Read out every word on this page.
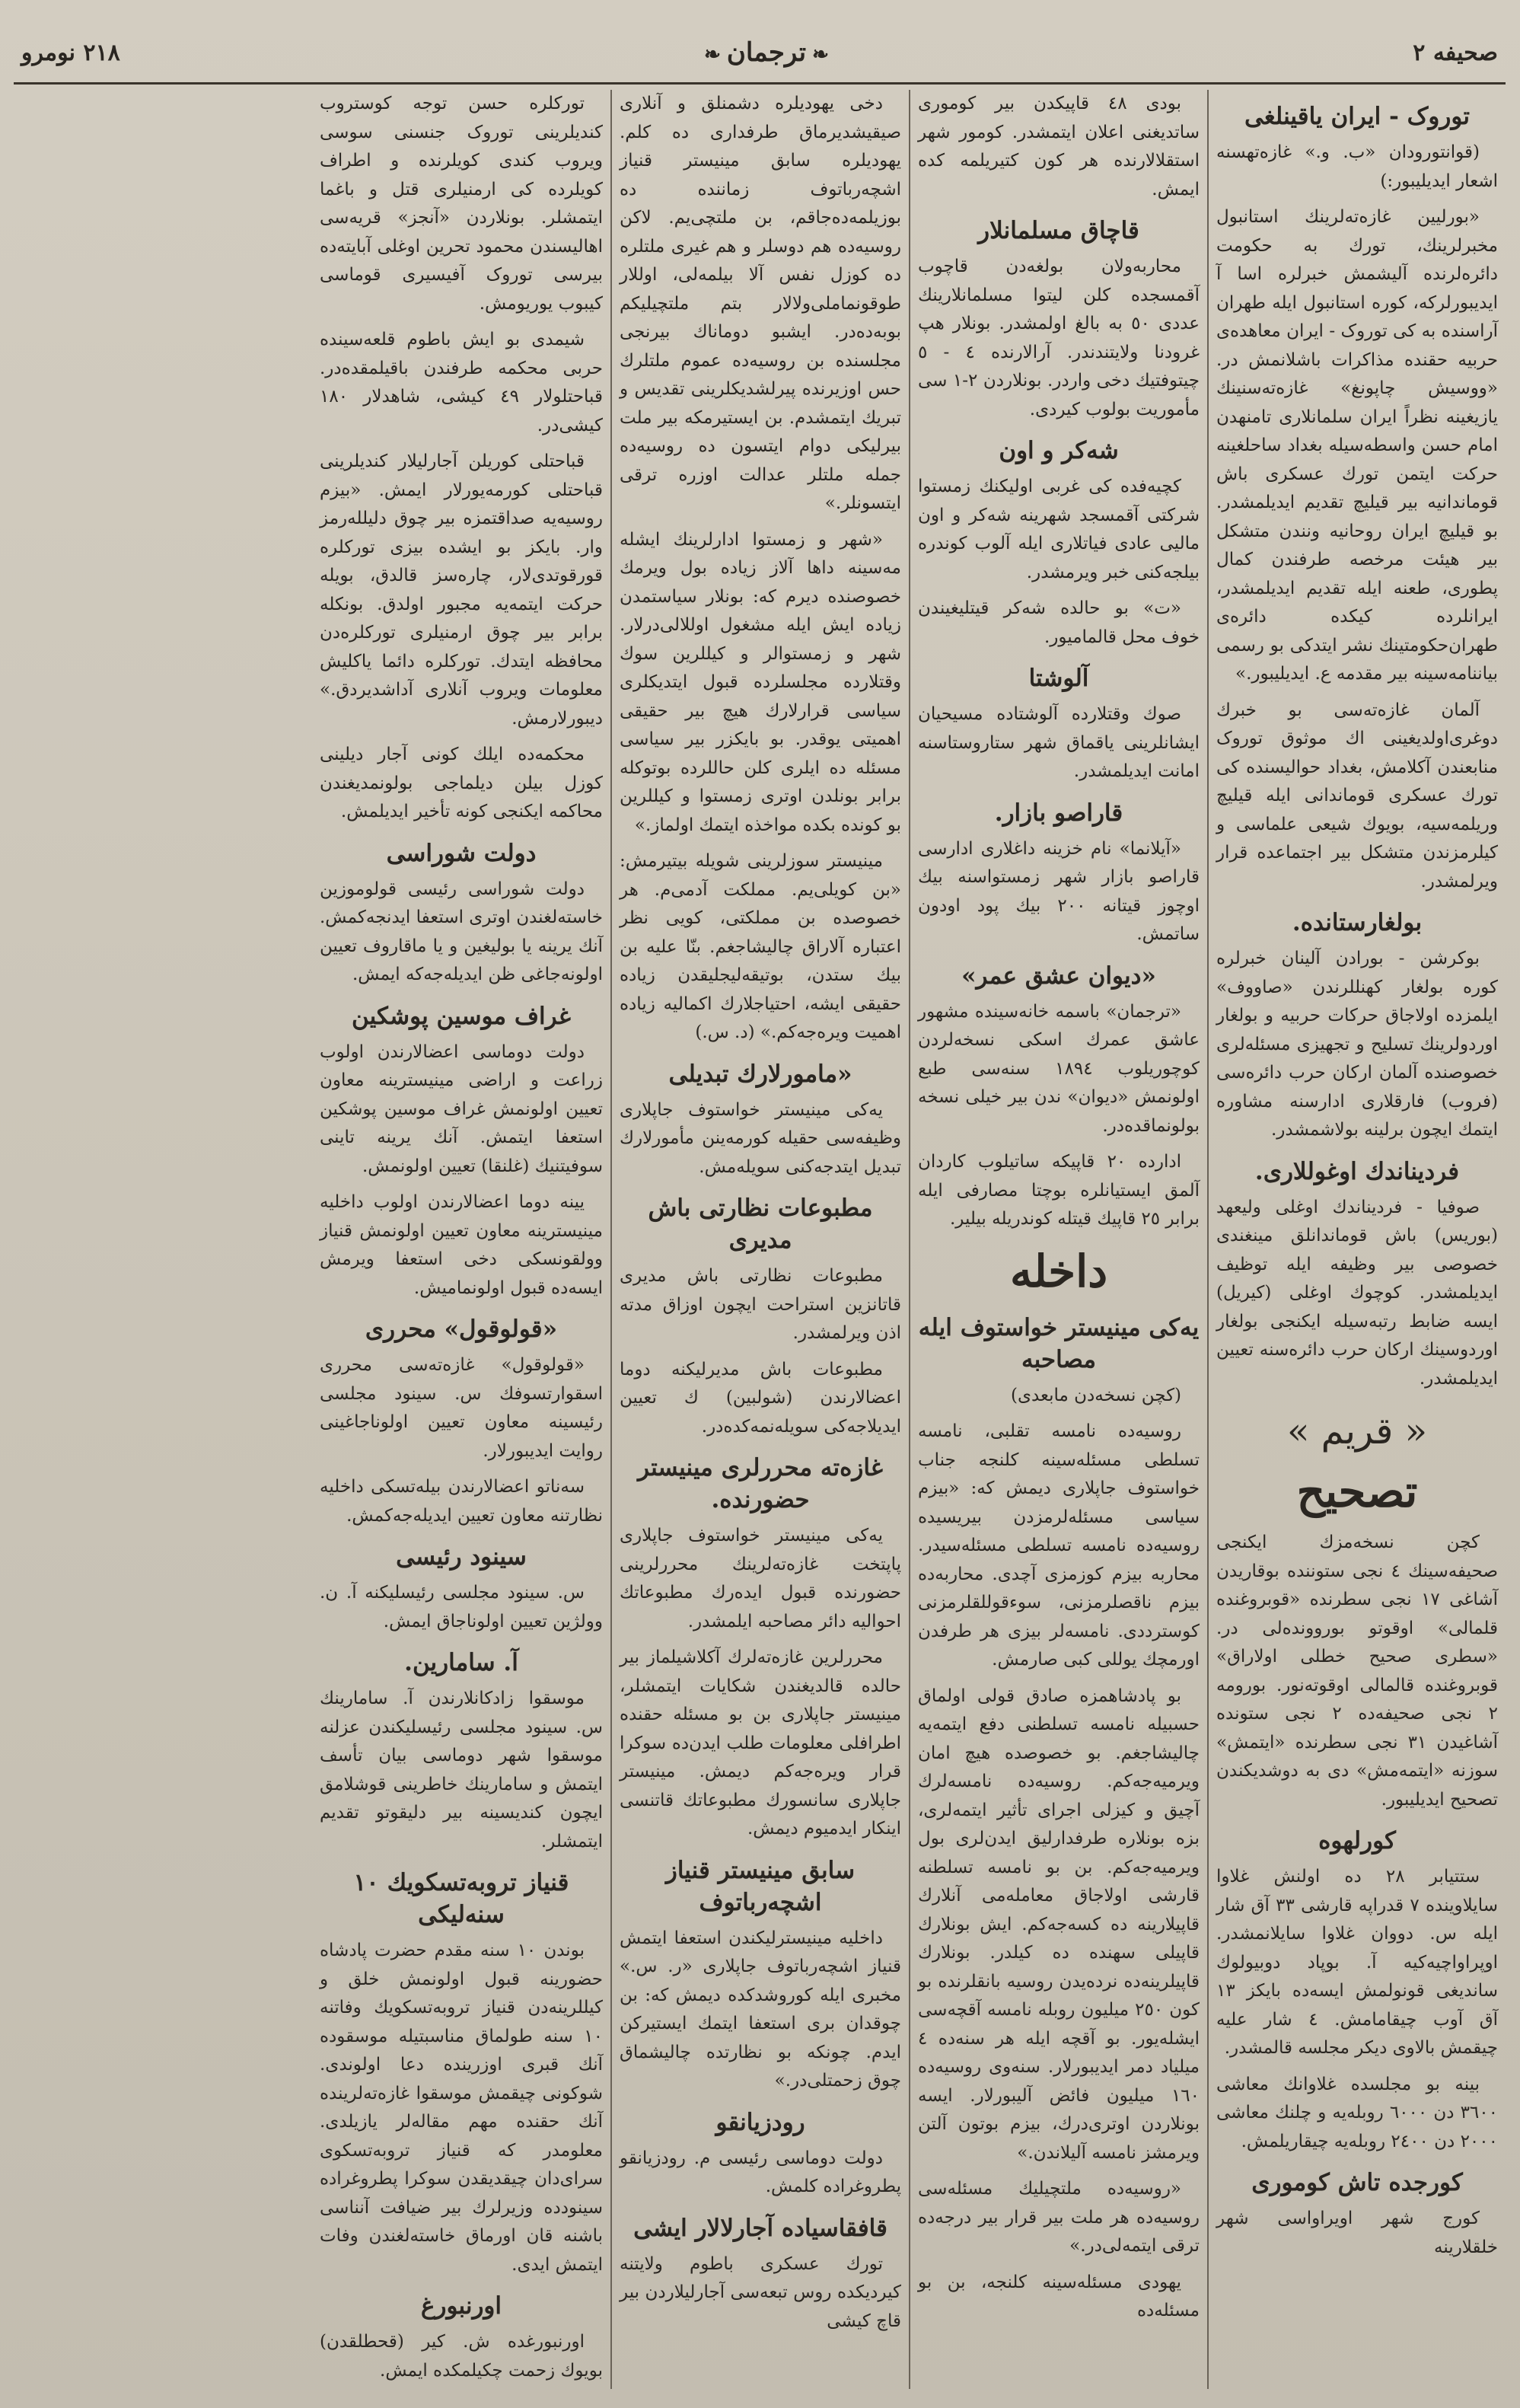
صحيفه ٢
❧ ترجمان ❧
٢١٨ نومرو
توروک - ايران ياقينلغى

(قوانتورودان «ب. و.» غازه‌تهسنه اشعار ايديليبور:)

«بورليين غازه‌ته‌لرينك استانبول مخبرلرينك، تورك به حكومت دائره‌لرنده آليشمش خبرلره اسا آ ايديبورلركه، كوره استانبول ايله طهران آراسنده به كى توروک - ايران معاهده‌ى حربيه حقنده مذاكرات باشلانمش در. «ووسيش چاپونغ» غازه‌ته‌سنينك يازيغينه نظراً ايران سلمانلارى تامنهدن امام حسن واسطه‌سيله بغداد ساحلغينه حركت ايتمن تورك عسكرى باش قوماندانيه بير قيليچ تقديم ايديلمشدر. بو قيليچ ايران روحانيه ونندن متشكل بير هيئت مرخصه طرفندن كمال پطورى، طعنه ايله تقديم ايديلمشدر، ايرانلرده كيكده دائره‌ى طهران‌حكومتينك نشر ايتدكى بو رسمى بياننامه‌سينه بير مقدمه ع. ايديليبور.»

آلمان غازه‌ته‌سى بو خبرك دوغرى‌اولديغينى اك موثوق توروک منابعندن آكلامش، بغداد حواليسنده كى تورك عسكرى قوماندانى ايله قيليچ وريلمه‌سيه، بويوك شيعى علماسى و كيلرمزندن متشكل بير اجتماعده قرار وير‌لمشدر.

بولغارستانده.

بوكرشن - بورادن آلينان خبرلره كوره بولغار كهنللرندن «صاووف» ايلمزده اولاجاق حركات حربيه و بولغار اوردولرينك تسليح و تجهيزى مسئله‌لرى خصوصنده آلمان اركان حرب دائره‌سى (فروب) فارقلارى ادارسنه مشاوره ايتمك ايچون برلينه بولاشمشدر.

فرديناندك اوغوللارى.

صوفيا - فرديناندك اوغلى وليعهد (بوريس) باش قوماندانلق مينغندى خصوصى بير وظيفه ايله توظيف ايديلمشدر. كوچوك اوغلى (كيريل) ايسه ضابط رتبه‌سيله ايكنجى بولغار اوردوسينك اركان حرب دائره‌سنه تعيين ايديلمشدر.

« قريم »
تصحيح

كچن نسخه‌مزك ايكنجى صحيفه‌سينك ٤ نجى ستوننده بوقاريدن آشاغى ١٧ نجى سطرنده «قوبروغنده قلمالى» اوقوتو بوروونده‌لى در. «سطرى صحيح خطلى اولاراق» قوبروغنده قالمالى اوقوته‌نور. بورومه ٢ نجى صحيفه‌ده ٢ نجى ستونده آشاغيدن ٣١ نجى سطرنده «ايتمش» سوزنه «ايتمه‌مش» دى به دوشديكندن تصحيح ايديليبور.

كورلهوه

ستتيابر ٢٨ ده اولنش غلاوا سايلاوينده ٧ قدراپه قارشى ٣٣ آق شار ايله س. دووان غلاوا سايلانمشدر. اوپراواچيه‌كيه آ. بوپاد دوبيولوك سانديغى قونولمش ايسه‌ده بايكز ١٣ آق آوب چيقامامش. ٤ شار عليه چيقمش بالاوى ديكر مجلسه قالمشدر.

بينه بو مجلسده غلاوانك معاشى ٣٦٠٠ دن ٦٠٠٠ روبله‌يه و چلنك معاشى ٢٠٠٠ دن ٢٤٠٠ روبله‌يه چيقاريلمش.

كورجده تاش كومورى

كورج شهر اويراواسى شهر خلقلارينه

بودى ٤٨ قاپيكدن بير كومورى ساتديغنى اعلان ايتمشدر. كومور شهر استقلالارنده هر كون كتيريلمه كده ايمش.

قاچاق مسلمانلار

محاربه‌ولان بولغه‌دن قاچوب آقمسجده كلن ليتوا مسلمانلارينك عددى ٥٠ به بالغ اولمشدر. بونلار هپ غرودنا ولايتندندر. آرالارنده ٤ - ٥ چيتوفتيك دخى واردر. بونلاردن ٢-١ سى مأموريت بولوب كيردى.

شه‌كر و اون

كچيه‌فده كى غربى اوليكنك زمستوا شركتى آقمسجد شهرينه شه‌كر و اون ماليى عادى فياتلارى ايله آلوب كوندره بيلجه‌كنى خبر ويرمشدر.

«ت» بو حالده شه‌كر قيتليغيندن خوف محل قالماميور.

آلوشتا

صوك وقتلارده آلوشتاده مسيحيان ايشانلرينى ياقماق شهر ستاروستاسنه امانت ايديلمشدر.

قاراصو بازار.

«آيلانما» نام خزينه داغلارى ادارسى قاراصو بازار شهر زمستواسنه بيك اوچوز قيتانه ٢٠٠ بيك پود اودون ساتمش.

«ديوان عشق عمر»

«ترجمان» باسمه خانه‌سينده مشهور عاشق عمرك اسكى نسخه‌لردن كوچوريلوب ١٨٩٤ سنه‌سى طبع اولونمش «ديوان» ندن بير خيلى نسخه بولونماقده‌در.

ادارده ٢٠ قاپيكه ساتيلوب كاردان آلمق ايستيانلره بوچتا مصارفى ايله برابر ٢٥ قاپيك قيتله كوندريله بيلير.

داخله
يه‌كى مينيستر خواستوف ايله مصاحبه

(كچن نسخه‌دن مابعدى)

روسيه‌ده نامسه تقلبى، نامسه تسلطى مسئله‌سينه كلنجه جناب خواستوف جاپلارى ديمش كه: «بيزم سياسى مسئله‌لرمزدن بيريسيده روسيه‌ده نامسه تسلطى مسئله‌سيدر. محاربه بيزم كوزمزى آچدى. محاربه‌ده بيزم ناقصلرمزنى، سوءقوللقلرمزنى كوسترددى. نامسه‌لر بيزى هر طرفدن اورمچك يوللى كبى صارمش.

بو پادشاهمزه صادق قولى اولماق حسبيله نامسه تسلطنى دفع ايتمه‌يه چاليشاجغم. بو خصوصده هيچ امان ويرميه‌جه‌كم. روسيه‌ده نامسه‌لرك آچيق و كيزلى اجراى تأثير ايتمه‌لرى، بزه بونلاره طرفدارليق ايدن‌لرى بول ويرميه‌جه‌كم. بن بو نامسه تسلطنه قارشى اولاجاق معامله‌مى آنلارك قاپيلارينه ده كسه‌جه‌كم. ايش بونلارك قاپيلى سهنده ده كيلدر. بونلارك قاپيلرينه‌ده نرده‌يدن روسيه بانقلرنده بو كون ٢٥٠ ميليون روبله نامسه آقچه‌سى ايشله‌يور. بو آقچه ايله هر سنه‌ده ٤ ميلياد دمر ايديبورلار. سنه‌وى روسيه‌ده ١٦٠ ميليون فائض آليبورلار. ايسه بونلاردن اوترى‌درك، بيزم بوتون آلتن ويرمشز نامسه آليلاندن.»

«روسيه‌ده ملتچيليك مسئله‌سى روسيه‌ده هر ملت بير قرار بير درجه‌ده ترقى ايتمه‌لى‌در.»

يهودى مسئله‌سينه كلنجه، بن بو مسئله‌ده

دخى يهوديلره دشمنلق و آنلارى صيقيشديرماق طرفدارى ده كلم. يهوديلره سابق مينيستر قنياز اشچه‌رباتوف زماننده ده بوزيلمه‌ده‌جاقم، بن ملتچى‌يم. لاكن روسيه‌ده هم دوسلر و هم غيرى ملتلره ده‌ كوزل نفس آلا بيلمه‌لى، اوللار طوقونماملى‌ولالار بتم ملتچيليكم بوبه‌ده‌در. ايشبو دوماناك بيرنجى مجلسنده بن روسيه‌ده عموم ملتلرك حس اوزيرنده پيرلشديكلرينى تقديس و تبريك ايتمشدم. بن ايستيرمكه بير ملت بيرليكى دوام ايتسون ده روسيه‌ده جمله ملتلر عدالت اوزره ترقى ايتسونلر.»

«شهر و زمستوا ادارلرينك ايشله مه‌سينه داها آلاز زياده بول ويرمك خصوصنده ديرم كه: بونلار سياستمدن زياده ايش ايله مشغول اوللالى‌درلار. شهر و زمستوالر و كيللرين سوك وقتلارده مجلسلرده قبول ايتديكلرى سياسى قرارلارك هيچ بير حقيقى اهميتى يوقدر. بو بايكزر بير سياسى مسئله ده ايلرى كلن حاللرده بوتوكله برابر بونلدن اوترى زمستوا و كيللرين بو كونده بكده مواخذه ايتمك اولماز.»

مينيستر سوزلرينى شويله بيتيرمش: «بن كويلى‌يم. مملكت آدمى‌م. هر خصوصده بن مملكتى، كويى نظر اعتباره آلاراق چاليشاجغم. بنّا عليه بن بيك ستدن، بوتيقه‌ليجليقدن زياده حقيقى ايشه، احتياجلارك اكماليه زياده اهميت ويره‌جه‌كم.» (د. س.)

«ما‌مورلارك تبديلى

يه‌كى مينيستر خواستوف جاپلارى وظيفه‌سى حقيله كورمه‌ينن مأمورلارك تبديل ايتدجه‌كنى سويله‌مش.

مطبوعات نظارتى باش مديرى

مطبوعات نظارتى باش مديرى قاتانزين استراحت ايچون اوزاق مدته اذن ويرلمشدر.

مطبوعات باش مديرليكنه دوما اعضالارندن (شولبين) ك تعيين ايديلاجه‌كى سويله‌نمه‌كده‌در.

غازه‌ته محررلرى مينيستر حضورنده.

يه‌كى مينيستر خواستوف جاپلارى پاپتخت غازه‌ته‌لرينك محررلرينى حضورنده قبول ايده‌رك مطبوعاتك احواليه دائر مصاحبه ايلمشدر.

محررلرين غازه‌ته‌لرك آكلاشيلماز بير حالده قالديغندن شكايات ايتمشلر، مينيستر جاپلارى بن بو مسئله حقنده اطرافلى معلومات طلب ايدن‌ده سوكرا قرار ويره‌جه‌كم ديمش. مينيستر جاپلارى سانسورك مطبوعاتك قاتنسى اينكار ايدميوم ديمش.

سابق مينيستر قنياز اشچه‌رباتوف

داخليه مينيسترليكندن استعفا ايتمش قنياز اشچه‌رباتوف جاپلارى «ر. س.» مخبرى ايله كوروشدكده ديمش كه: بن چوقدان برى استعفا ايتمك ايستيركن ايدم. چونكه بو نظارتده چاليشماق چوق زحمتلى‌در.»

رودزيانقو

دولت دوماسى رئيسى م. رودزيانقو پطروغراده كلمش.

قافقاسياده آجارلالار ايشى

تورك عسكرى باطوم ولايتنه كيرديكده روس تبعه‌سى آجارليلاردن بير قاچ كيشى

توركلره حسن توجه كوستروب كنديلرينى توروک جنسنى سوسى ويروب كندى كويلرنده و اطراف كويلرده كى ارمنيلرى قتل و باغما ايتمشلر. بونلاردن «آنجز» قريه‌سى اهاليسندن محمود تحرين اوغلى آبايته‌ده بيرسى توروک آفيسيرى قوماسى كيبوب يوريومش.

شيمدى بو ايش باطوم قلعه‌سينده حربى محكمه طرفندن باقيلمقده‌در. قباحتلولار ٤٩ كيشى، شاهدلار ١٨٠ كيشى‌در.

قباحتلى كوريلن آجارليلار كنديلرينى قباحتلى كورمه‌يورلار ايمش. «بيزم روسيه‌يه صداقتمزه بير چوق دليلله‌رمز وار. بايكز بو ايشده بيزى توركلره قورقوتدى‌لار، چاره‌سز قالدق، بويله حركت ايتمه‌يه مجبور اولدق. بونكله برابر بير چوق ارمنيلرى توركلره‌دن محافظه ايتدك. توركلره دائما ياكليش معلومات ويروب آنلارى آداشديردق.» ديبورلارمش.

محكمه‌ده ايلك كونى آجار ديلينى كوزل بيلن ديلماجى بولونمديغندن محاكمه ايكنجى كونه تأخير ايديلمش.

دولت شوراسى

دولت شوراسى رئيسى قولوموزين خاسته‌لغندن اوترى استعفا ايدنجه‌كمش. آنك يرينه يا بوليغين و يا ماقاروف تعيين اولونه‌جاغى ظن ايديله‌جه‌كه ايمش.

غراف موسين پوشكين

دولت دوماسى اعضالارندن اولوب زراعت و اراضى مينيسترينه معاون تعيين اولونمش غراف موسين پوشكين استعفا ايتمش. آنك يرينه تاينى سوفيتنيك (غلنقا) تعيين اولونمش.

يينه دوما اعضالارندن اولوب داخليه مينيسترينه معاون تعيين اولونمش قنياز وولقونسكى دخى استعفا ويرمش ايسه‌ده قبول اولونماميش.

«قولوقول» محررى

«قولوقول» غازه‌ته‌سى محررى اسقوارتسوفك س. سينود مجلسى رئيسينه معاون تعيين اولوناجاغينى روايت ايديبورلار.

سه‌ناتو اعضالارندن بيله‌تسكى داخليه نظارتنه معاون تعيين ايديله‌جه‌كمش.

سينود رئيسى

س. سينود مجلسى رئيسليكنه آ. ن. وولژين تعيين اولوناجاق ايمش.

آ. سامارين.

موسقوا زادكانلارندن آ. سامارينك س. سينود مجلسى رئيسليكندن عزلنه موسقوا شهر دوماسى بيان تأسف ايتمش و سامارينك خاطرينى قوشلامق ايچون كنديسينه بير دليقوتو تقديم ايتمشلر.

قنياز تروبه‌تسكويك ١٠ سنه‌ليكى

بوندن ١٠ سنه مقدم حضرت پادشاه حضورينه قبول اولونمش خلق و كيللرينه‌دن قنياز تروبه‌تسكويك وفاتنه ١٠ سنه طولماق مناسبتيله موسقوده آنك قبرى اوزرينده دعا اولوندى. شوكونى چيقمش موسقوا غازه‌ته‌لرينده آنك حقنده مهم مقاله‌لر يازيلدى. معلومدر كه قنياز تروبه‌تسكوى سراى‌دان چيقديقدن سوكرا پطروغراده سينودده وزيرلرك بير ضيافت آنناسى باشنه قان اورماق خاسته‌لغندن وفات ايتمش ايدى.

اورنبورغ

اورنبورغده ش. كير (قحطلقدن) بويوك زحمت چكيلمكده ايمش.
